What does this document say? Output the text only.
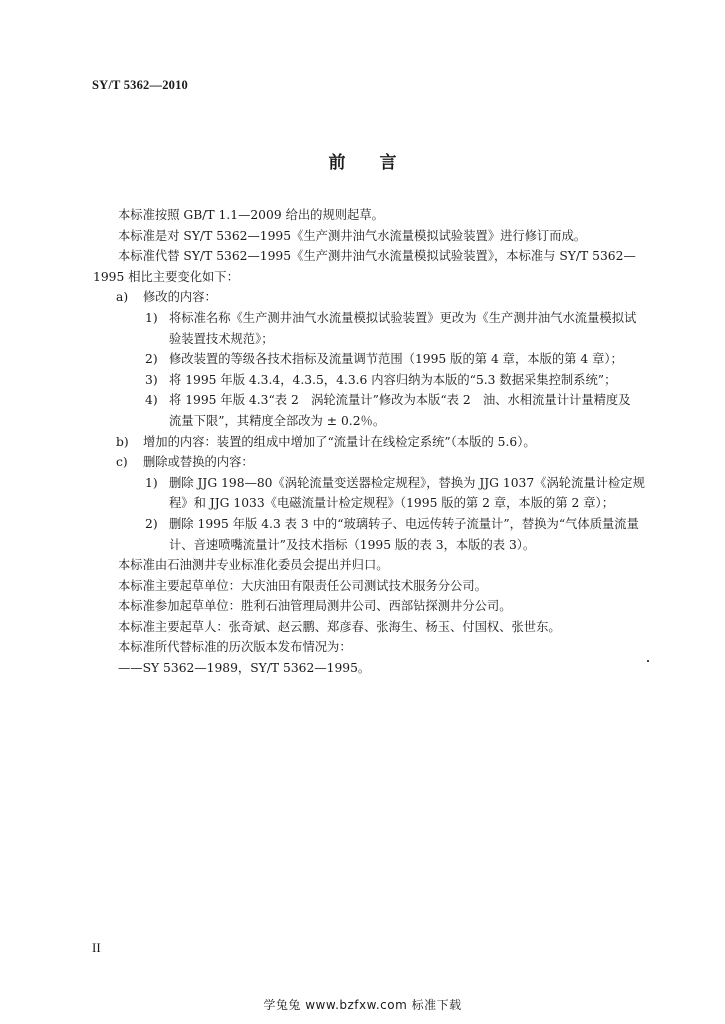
SY/T 5362—2010
前言
本标准按照 GB/T 1.1—2009 给出的规则起草。
本标准是对 SY/T 5362—1995《生产测井油气水流量模拟试验装置》进行修订而成。
本标准代替 SY/T 5362—1995《生产测井油气水流量模拟试验装置》，本标准与 SY/T 5362—
1995 相比主要变化如下：
a) 修改的内容：
1) 将标准名称《生产测井油气水流量模拟试验装置》更改为《生产测井油气水流量模拟试
验装置技术规范》；
2) 修改装置的等级各技术指标及流量调节范围（1995 版的第 4 章，本版的第 4 章）；
3) 将 1995 年版 4.3.4，4.3.5，4.3.6 内容归纳为本版的“5.3 数据采集控制系统”；
4) 将 1995 年版 4.3“表 2　涡轮流量计”修改为本版“表 2　油、水相流量计计量精度及
流量下限”，其精度全部改为 ± 0.2％。
b) 增加的内容：装置的组成中增加了“流量计在线检定系统”（本版的 5.6）。
c) 删除或替换的内容：
1) 删除 JJG 198—80《涡轮流量变送器检定规程》，替换为 JJG 1037《涡轮流量计检定规
程》和 JJG 1033《电磁流量计检定规程》（1995 版的第 2 章，本版的第 2 章）；
2) 删除 1995 年版 4.3 表 3 中的“玻璃转子、电远传转子流量计”，替换为“气体质量流量
计、音速喷嘴流量计”及技术指标（1995 版的表 3，本版的表 3）。
本标准由石油测井专业标准化委员会提出并归口。
本标准主要起草单位：大庆油田有限责任公司测试技术服务分公司。
本标准参加起草单位：胜利石油管理局测井公司、西部钻探测井分公司。
本标准主要起草人：张奇斌、赵云鹏、郑彦春、张海生、杨玉、付国权、张世东。
本标准所代替标准的历次版本发布情况为：
——SY 5362—1989，SY/T 5362—1995。
II
学兔兔 www.bzfxw.com 标准下载
